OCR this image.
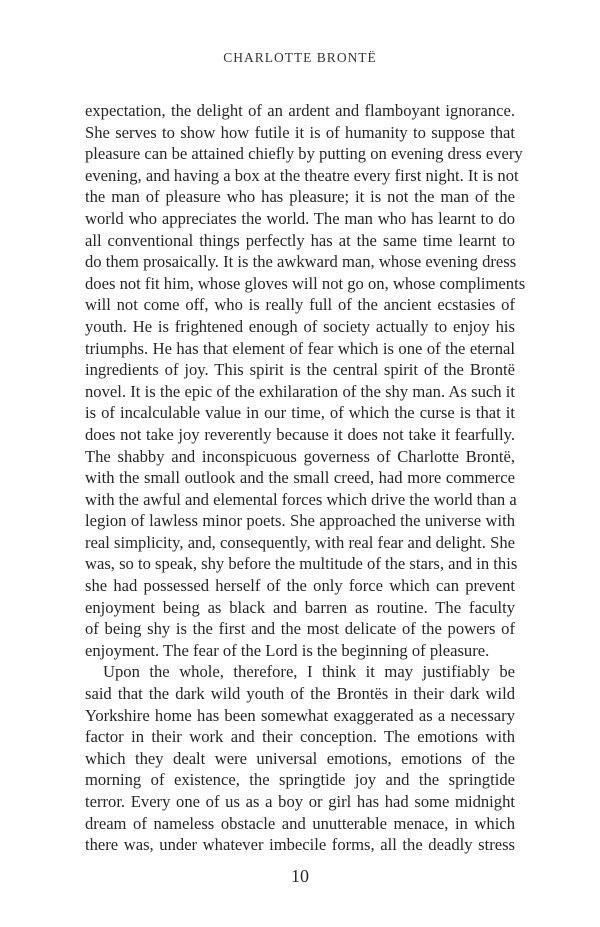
CHARLOTTE BRONTË
expectation, the delight of an ardent and flamboyant ignorance.
She serves to show how futile it is of humanity to suppose that
pleasure can be attained chiefly by putting on evening dress every
evening, and having a box at the theatre every first night. It is not
the man of pleasure who has pleasure; it is not the man of the
world who appreciates the world. The man who has learnt to do
all conventional things perfectly has at the same time learnt to
do them prosaically. It is the awkward man, whose evening dress
does not fit him, whose gloves will not go on, whose compliments
will not come off, who is really full of the ancient ecstasies of
youth. He is frightened enough of society actually to enjoy his
triumphs. He has that element of fear which is one of the eternal
ingredients of joy. This spirit is the central spirit of the Brontë
novel. It is the epic of the exhilaration of the shy man. As such it
is of incalculable value in our time, of which the curse is that it
does not take joy reverently because it does not take it fearfully.
The shabby and inconspicuous governess of Charlotte Brontë,
with the small outlook and the small creed, had more commerce
with the awful and elemental forces which drive the world than a
legion of lawless minor poets. She approached the universe with
real simplicity, and, consequently, with real fear and delight. She
was, so to speak, shy before the multitude of the stars, and in this
she had possessed herself of the only force which can prevent
enjoyment being as black and barren as routine. The faculty
of being shy is the first and the most delicate of the powers of
enjoyment. The fear of the Lord is the beginning of pleasure.
Upon the whole, therefore, I think it may justifiably be
said that the dark wild youth of the Brontës in their dark wild
Yorkshire home has been somewhat exaggerated as a necessary
factor in their work and their conception. The emotions with
which they dealt were universal emotions, emotions of the
morning of existence, the springtide joy and the springtide
terror. Every one of us as a boy or girl has had some midnight
dream of nameless obstacle and unutterable menace, in which
there was, under whatever imbecile forms, all the deadly stress
10
